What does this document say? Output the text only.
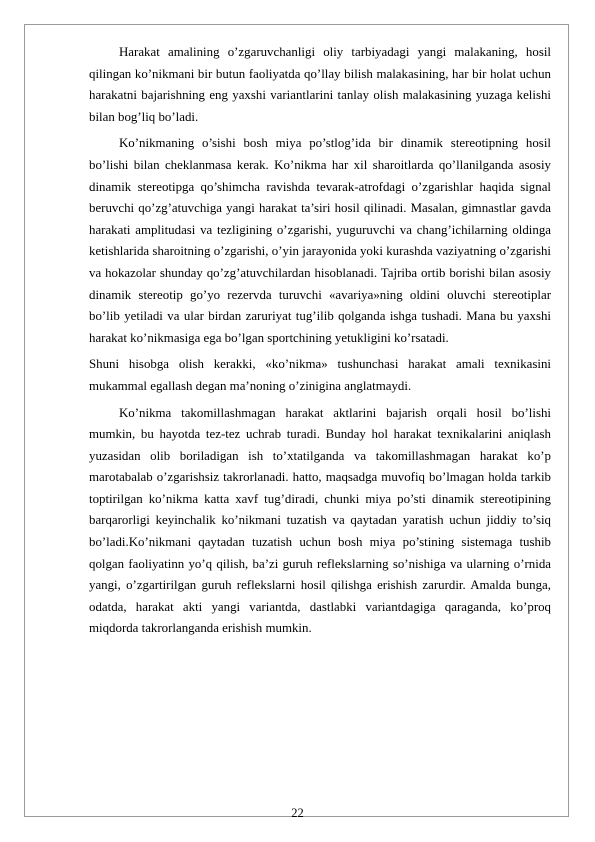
Harakat amalining o’zgaruvchanligi oliy tarbiyadagi yangi malakaning, hosil qilingan ko’nikmani bir butun faoliyatda qo’llay bilish malakasining, har bir holat uchun harakatni bajarishning eng yaxshi variantlarini tanlay olish malakasining yuzaga kelishi bilan bog’liq bo’ladi.

Ko’nikmaning o’sishi bosh miya po’stlog’ida bir dinamik stereotipning hosil bo’lishi bilan cheklanmasa kerak. Ko’nikma har xil sharoitlarda qo’llanilganda asosiy dinamik stereotipga qo’shimcha ravishda tevarak-atrofdagi o’zgarishlar haqida signal beruvchi qo’zg’atuvchiga yangi harakat ta’siri hosil qilinadi. Masalan, gimnastlar gavda harakati amplitudasi va tezligining o’zgarishi, yuguruvchi va chang’ichilarning oldinga ketishlarida sharoitning o’zgarishi, o’yin jarayonida yoki kurashda vaziyatning o’zgarishi va hokazolar shunday qo’zg’atuvchilardan hisoblanadi. Tajriba ortib borishi bilan asosiy dinamik stereotip go’yo rezervda turuvchi «avariya»ning oldini oluvchi stereotiplar bo’lib yetiladi va ular birdan zaruriyat tug’ilib qolganda ishga tushadi. Mana bu yaxshi harakat ko’nikmasiga ega bo’lgan sportchining yetukligini ko’rsatadi.

Shuni hisobga olish kerakki, «ko’nikma» tushunchasi harakat amali texnikasini mukammal egallash degan ma’noning o’ziniginа anglatmaydi.

Ko’nikma takomillashmagan harakat aktlarini bajarish orqali hosil bo’lishi mumkin, bu hayotda tez-tez uchrab turadi. Bunday hol harakat texnikalarini aniqlash yuzasidan olib boriladigan ish to’xtatilganda va takomillashmagan harakat ko’p marotabalab o’zgarishsiz takrorlanadi. hatto, maqsadga muvofiq bo’lmagan holda tarkib toptirilgan ko’nikma katta xavf tug’diradi, chunki miya po’sti dinamik stereotipining barqarorligi keyinchalik ko’nikmani tuzatish va qaytadan yaratish uchun jiddiy to’siq bo’ladi.Ko’nikmani qaytadan tuzatish uchun bosh miya po’stining sistemaga tushib qolgan faoliyatinn yo’q qilish, ba’zi guruh reflekslarning so’nishiga va ularning o’rnida yangi, o’zgartirilgan guruh reflekslarni hosil qilishga erishish zarurdir. Amalda bunga, odatda, harakat akti yangi variantda, dastlabki variantdagiga qaraganda, ko’proq miqdorda takrorlanganda erishish mumkin.

22
